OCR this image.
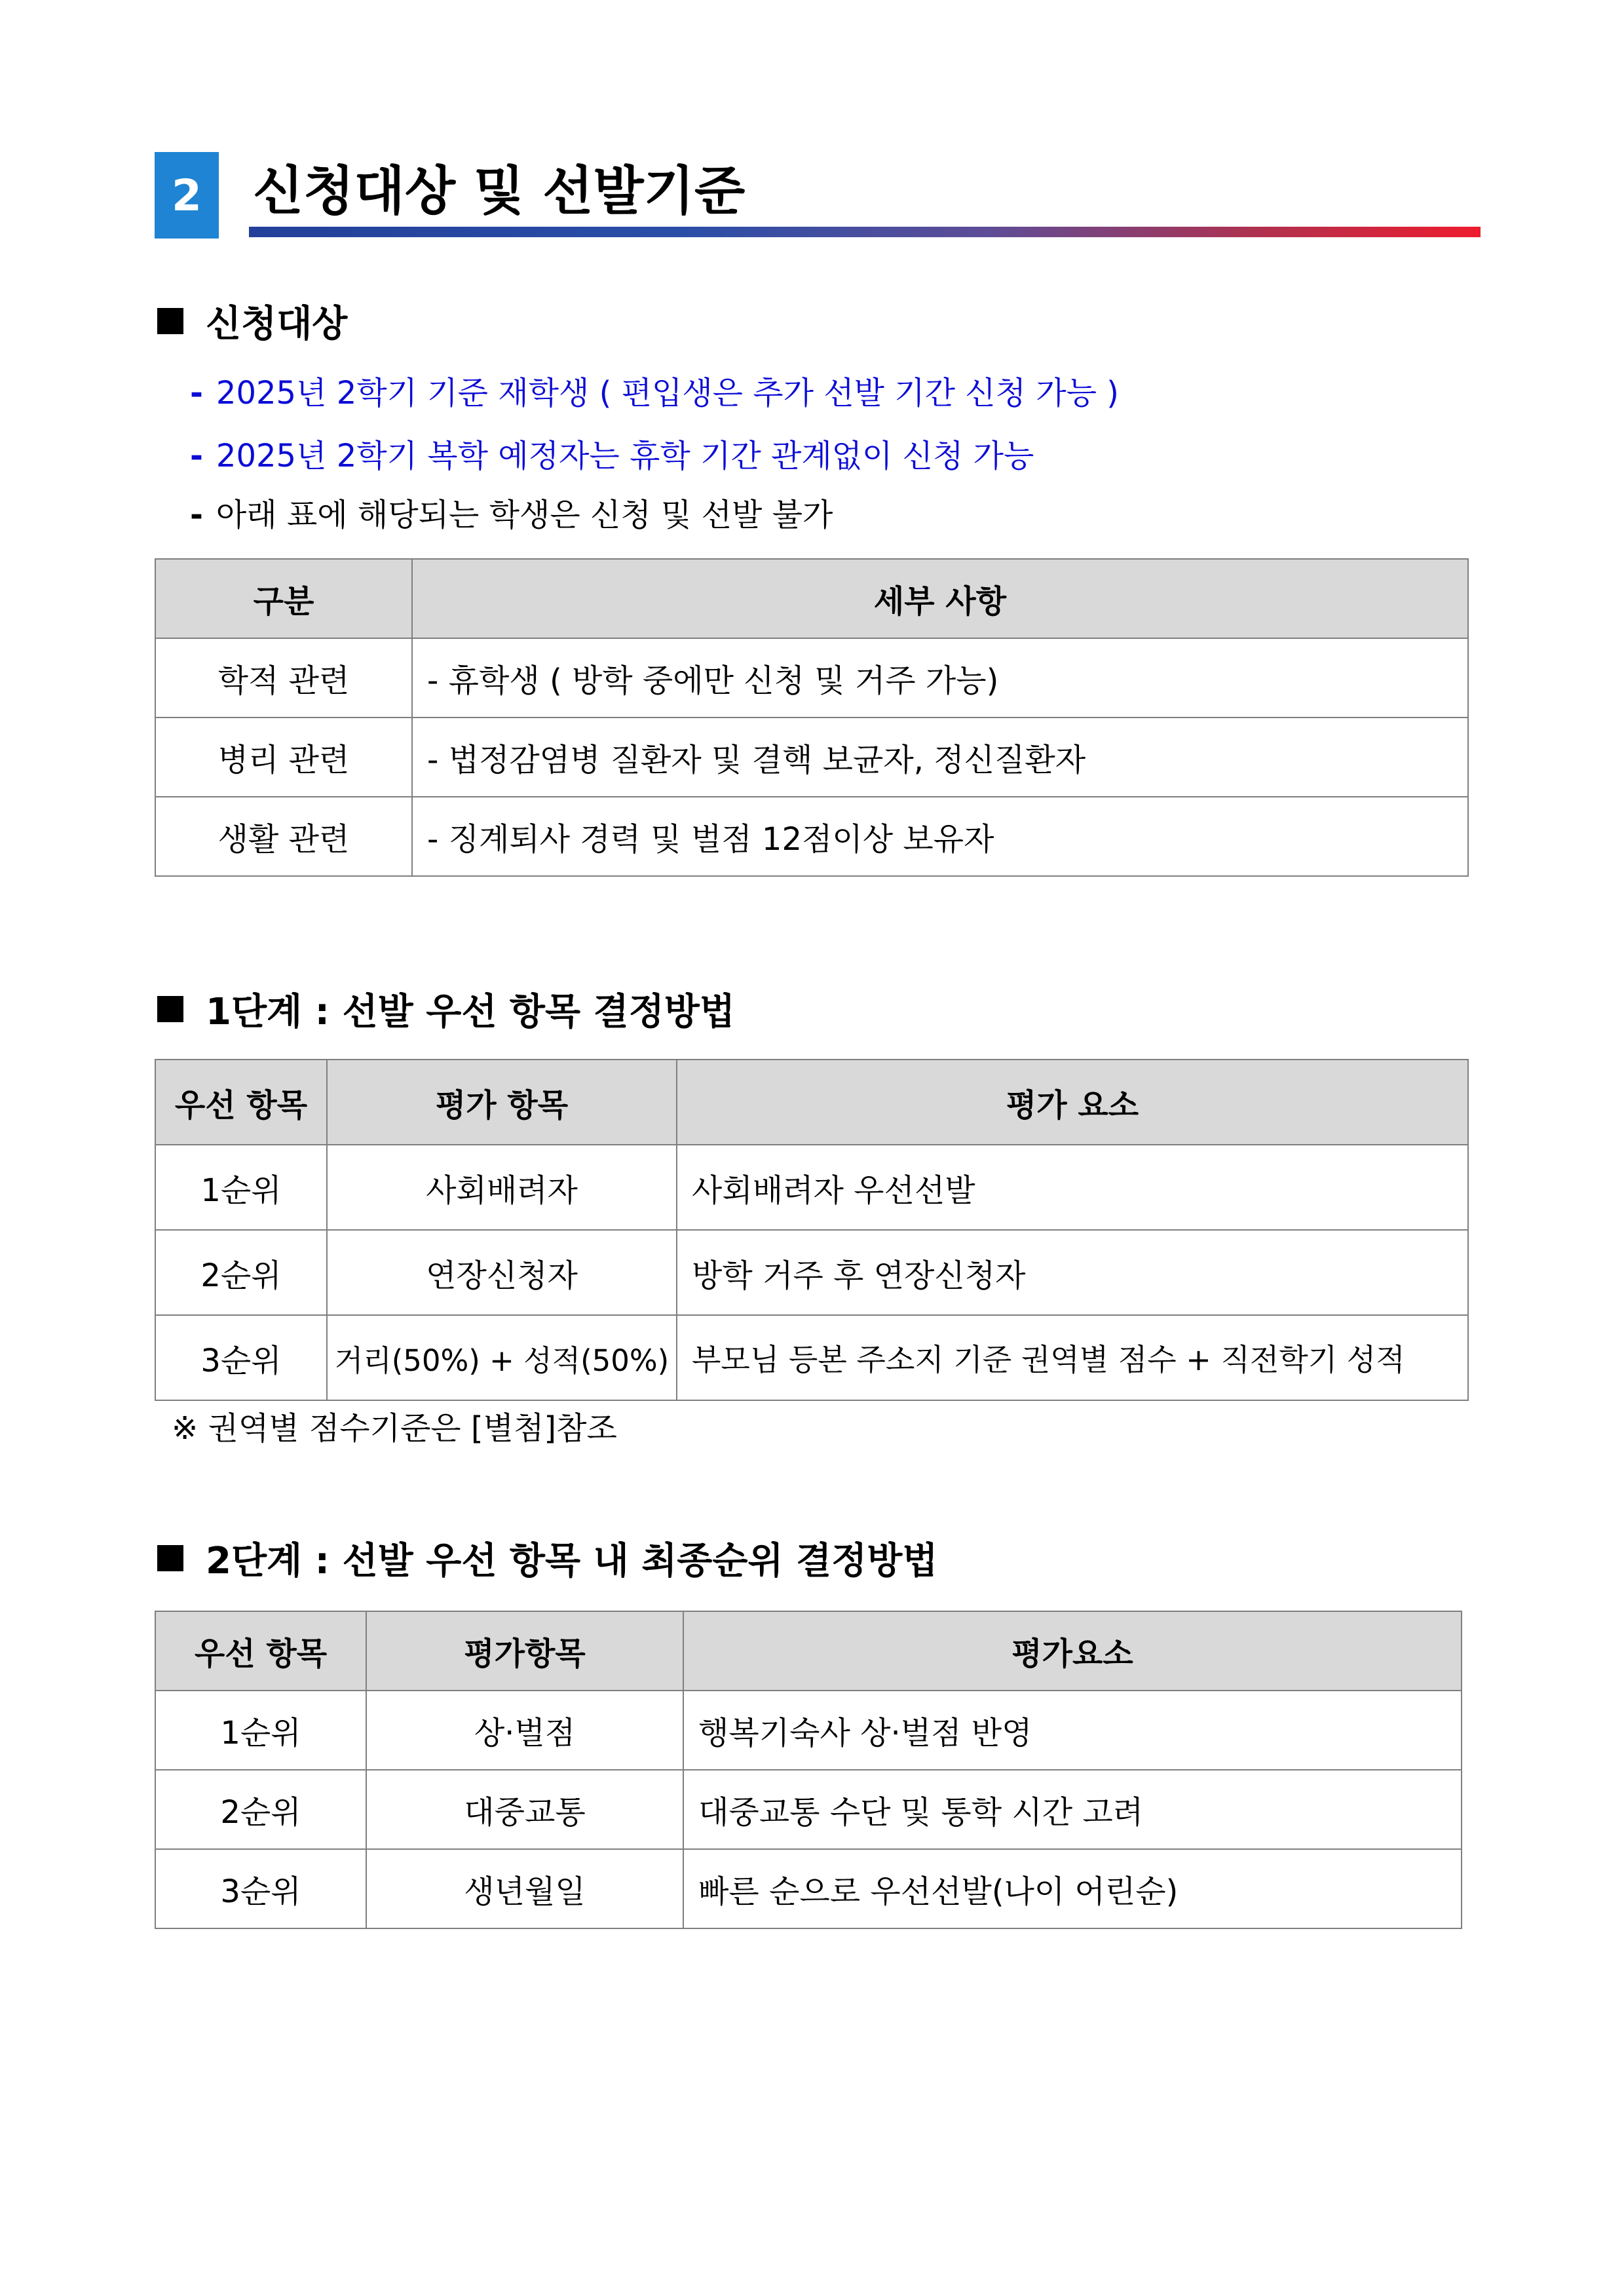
2 신청대상 및 선발기준
신청대상
- 2025년 2학기 기준 재학생 ( 편입생은 추가 선발 기간 신청 가능 )
- 2025년 2학기 복학 예정자는 휴학 기간 관계없이 신청 가능
- 아래 표에 해당되는 학생은 신청 및 선발 불가
구분	세부 사항
학적 관련	- 휴학생 ( 방학 중에만 신청 및 거주 가능)
병리 관련	- 법정감염병 질환자 및 결핵 보균자, 정신질환자
생활 관련	- 징계퇴사 경력 및 벌점 12점이상 보유자
1단계 : 선발 우선 항목 결정방법
우선 항목	평가 항목	평가 요소
1순위	사회배려자	사회배려자 우선선발
2순위	연장신청자	방학 거주 후 연장신청자
3순위	거리(50%) + 성적(50%)	부모님 등본 주소지 기준 권역별 점수 + 직전학기 성적
※ 권역별 점수기준은 [별첨]참조
2단계 : 선발 우선 항목 내 최종순위 결정방법
우선 항목	평가항목	평가요소
1순위	상·벌점	행복기숙사 상·벌점 반영
2순위	대중교통	대중교통 수단 및 통학 시간 고려
3순위	생년월일	빠른 순으로 우선선발(나이 어린순)
